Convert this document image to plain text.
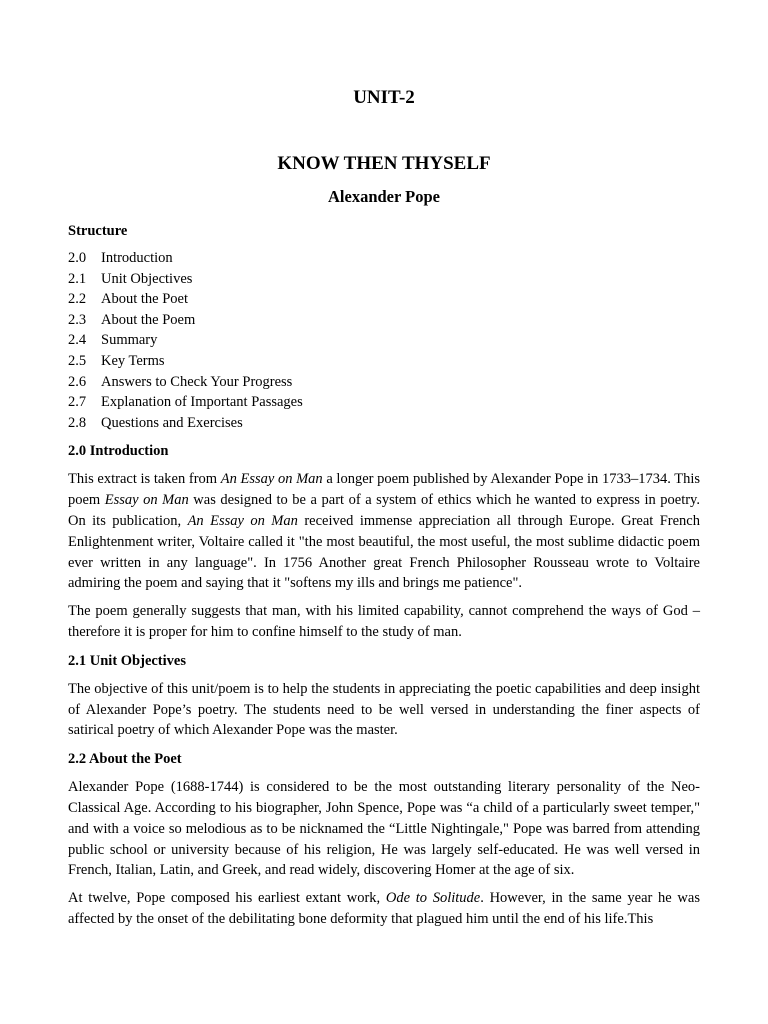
UNIT-2
KNOW THEN THYSELF
Alexander Pope
Structure
2.0	Introduction
2.1	Unit Objectives
2.2	About the Poet
2.3	About the Poem
2.4	Summary
2.5	Key Terms
2.6	Answers to Check Your Progress
2.7	Explanation of Important Passages
2.8	Questions and Exercises
2.0 Introduction

This extract is taken from An Essay on Man a longer poem published by Alexander Pope in 1733–1734. This poem Essay on Man was designed to be a part of a system of ethics which he wanted to express in poetry. On its publication, An Essay on Man received immense appreciation all through Europe. Great French Enlightenment writer, Voltaire called it "the most beautiful, the most useful, the most sublime didactic poem ever written in any language". In 1756 Another great French Philosopher Rousseau wrote to Voltaire admiring the poem and saying that it "softens my ills and brings me patience".

The poem generally suggests that man, with his limited capability, cannot comprehend the ways of God – therefore it is proper for him to confine himself to the study of man.

2.1 Unit Objectives

The objective of this unit/poem is to help the students in appreciating the poetic capabilities and deep insight of Alexander Pope’s poetry. The students need to be well versed in understanding the finer aspects of satirical poetry of which Alexander Pope was the master.

2.2 About the Poet

Alexander Pope (1688-1744) is considered to be the most outstanding literary personality of the Neo-Classical Age. According to his biographer, John Spence, Pope was “a child of a particularly sweet temper," and with a voice so melodious as to be nicknamed the “Little Nightingale," Pope was barred from attending public school or university because of his religion, He was largely self-educated. He was well versed in French, Italian, Latin, and Greek, and read widely, discovering Homer at the age of six.

At twelve, Pope composed his earliest extant work, Ode to Solitude. However, in the same year he was affected by the onset of the debilitating bone deformity that plagued him until the end of his life.This
